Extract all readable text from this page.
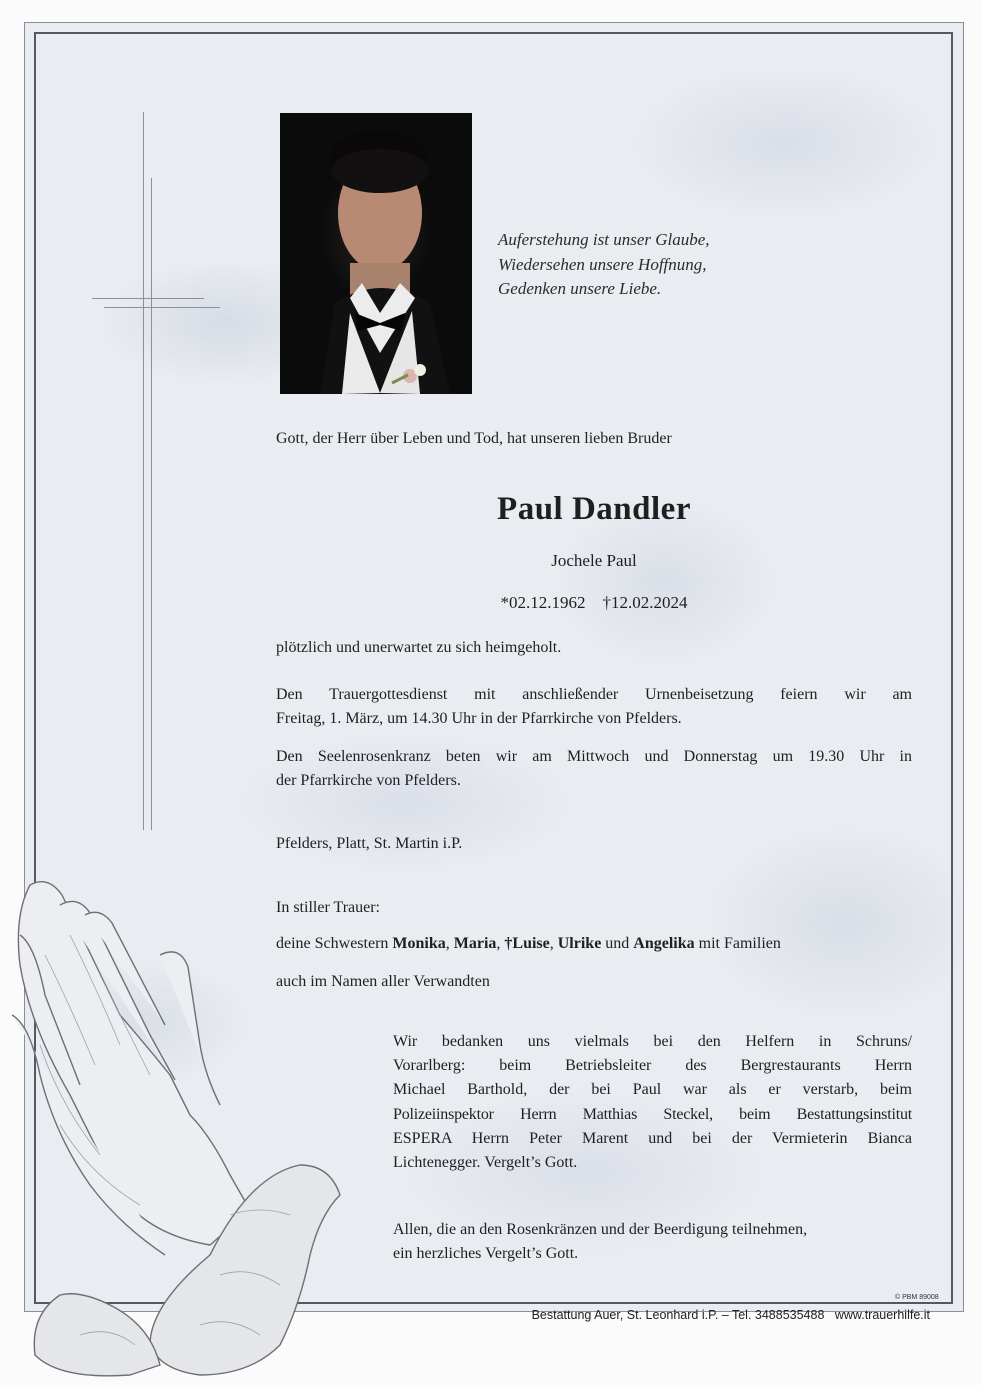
Auferstehung ist unser Glaube,
Wiedersehen unsere Hoffnung,
Gedenken unsere Liebe.
Gott, der Herr über Leben und Tod, hat unseren lieben Bruder
Paul Dandler
Jochele Paul
*02.12.1962    †12.02.2024
plötzlich und unerwartet zu sich heimgeholt.
Den Trauergottesdienst mit anschließender Urnenbeisetzung feiern wir am
Freitag, 1. März, um 14.30 Uhr in der Pfarrkirche von Pfelders.
Den Seelenrosenkranz beten wir am Mittwoch und Donnerstag um 19.30 Uhr in
der Pfarrkirche von Pfelders.
Pfelders, Platt, St. Martin i.P.
In stiller Trauer:
deine Schwestern Monika, Maria, †Luise, Ulrike und Angelika mit Familien
auch im Namen aller Verwandten
Wir bedanken uns vielmals bei den Helfern in Schruns/
Vorarlberg: beim Betriebsleiter des Bergrestaurants Herrn
Michael Barthold, der bei Paul war als er verstarb, beim
Polizeiinspektor Herrn Matthias Steckel, beim Bestattungsinstitut
ESPERA Herrn Peter Marent und bei der Vermieterin Bianca
Lichtenegger. Vergelt’s Gott.
Allen, die an den Rosenkränzen und der Beerdigung teilnehmen,
ein herzliches Vergelt’s Gott.
© PBM 89008
Bestattung Auer, St. Leonhard i.P. – Tel. 3488535488   www.trauerhilfe.it
